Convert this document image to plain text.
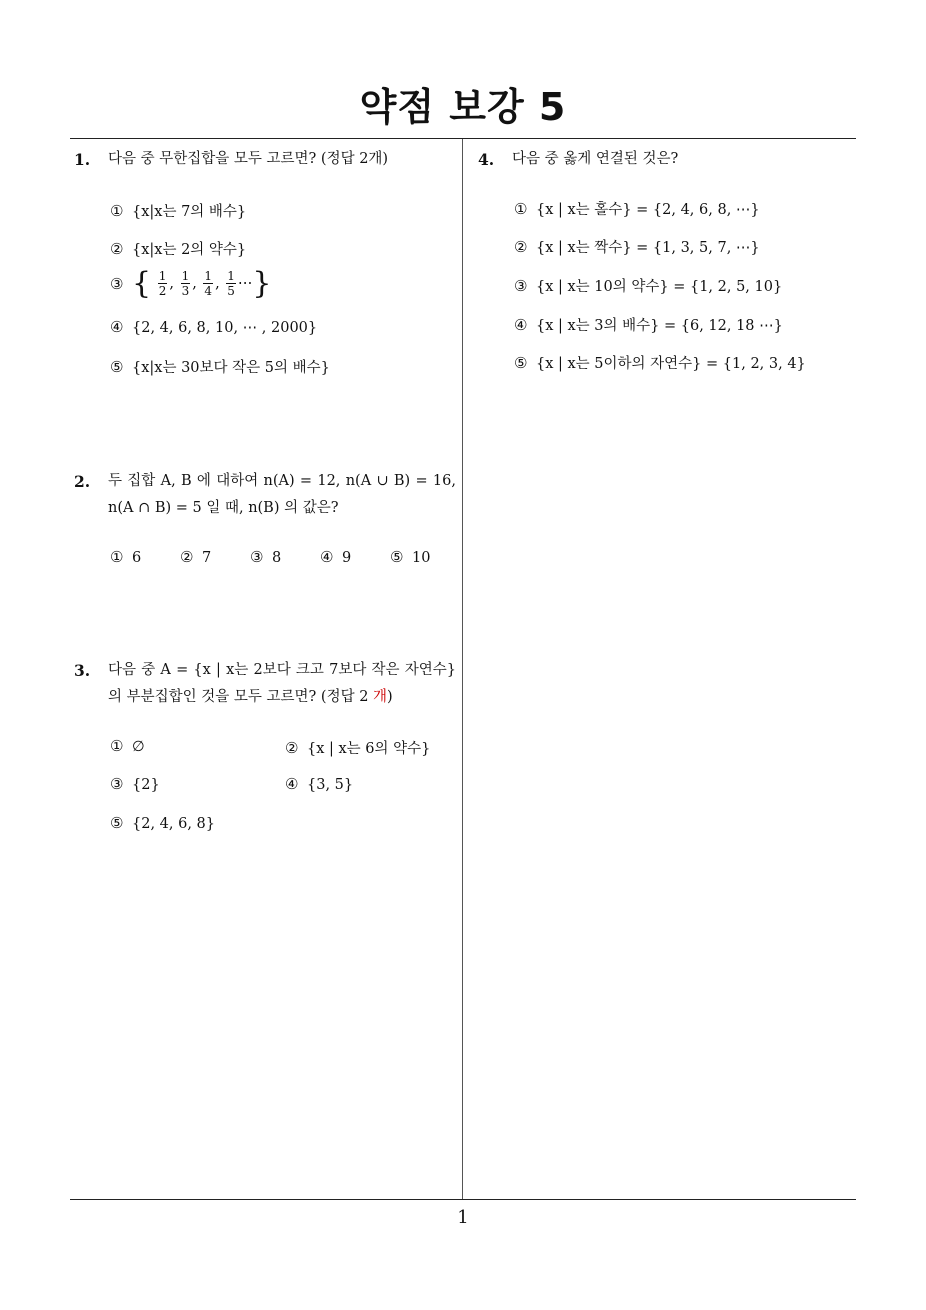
약점 보강 5
1. 다음 중 무한집합을 모두 고르면? (정답 2개)
① {x|x는 7의 배수}
② {x|x는 2의 약수}
③ { $\frac{1}{2}$ , $\frac{1}{3}$ , $\frac{1}{4}$ , $\frac{1}{5}$ ⋯}
④ {2, 4, 6, 8, 10, ⋯ , 2000}
⑤ {x|x는 30보다 작은 5의 배수}
2. 두 집합 A, B 에 대하여 n(A) = 12, n(A ∪ B) = 16, n(A ∩ B) = 5 일 때, n(B) 의 값은?
① 6	② 7	③ 8	④ 9	⑤ 10
3. 다음 중 A = {x | x는 2보다 크고 7보다 작은 자연수} 의 부분집합인 것을 모두 고르면? (정답 2 개)
① ∅	② {x | x는 6의 약수}
③ {2}	④ {3, 5}
⑤ {2, 4, 6, 8}
4. 다음 중 옳게 연결된 것은?
① {x | x는 홀수} = {2, 4, 6, 8, ⋯}
② {x | x는 짝수} = {1, 3, 5, 7, ⋯}
③ {x | x는 10의 약수} = {1, 2, 5, 10}
④ {x | x는 3의 배수} = {6, 12, 18 ⋯}
⑤ {x | x는 5이하의 자연수} = {1, 2, 3, 4}
1
